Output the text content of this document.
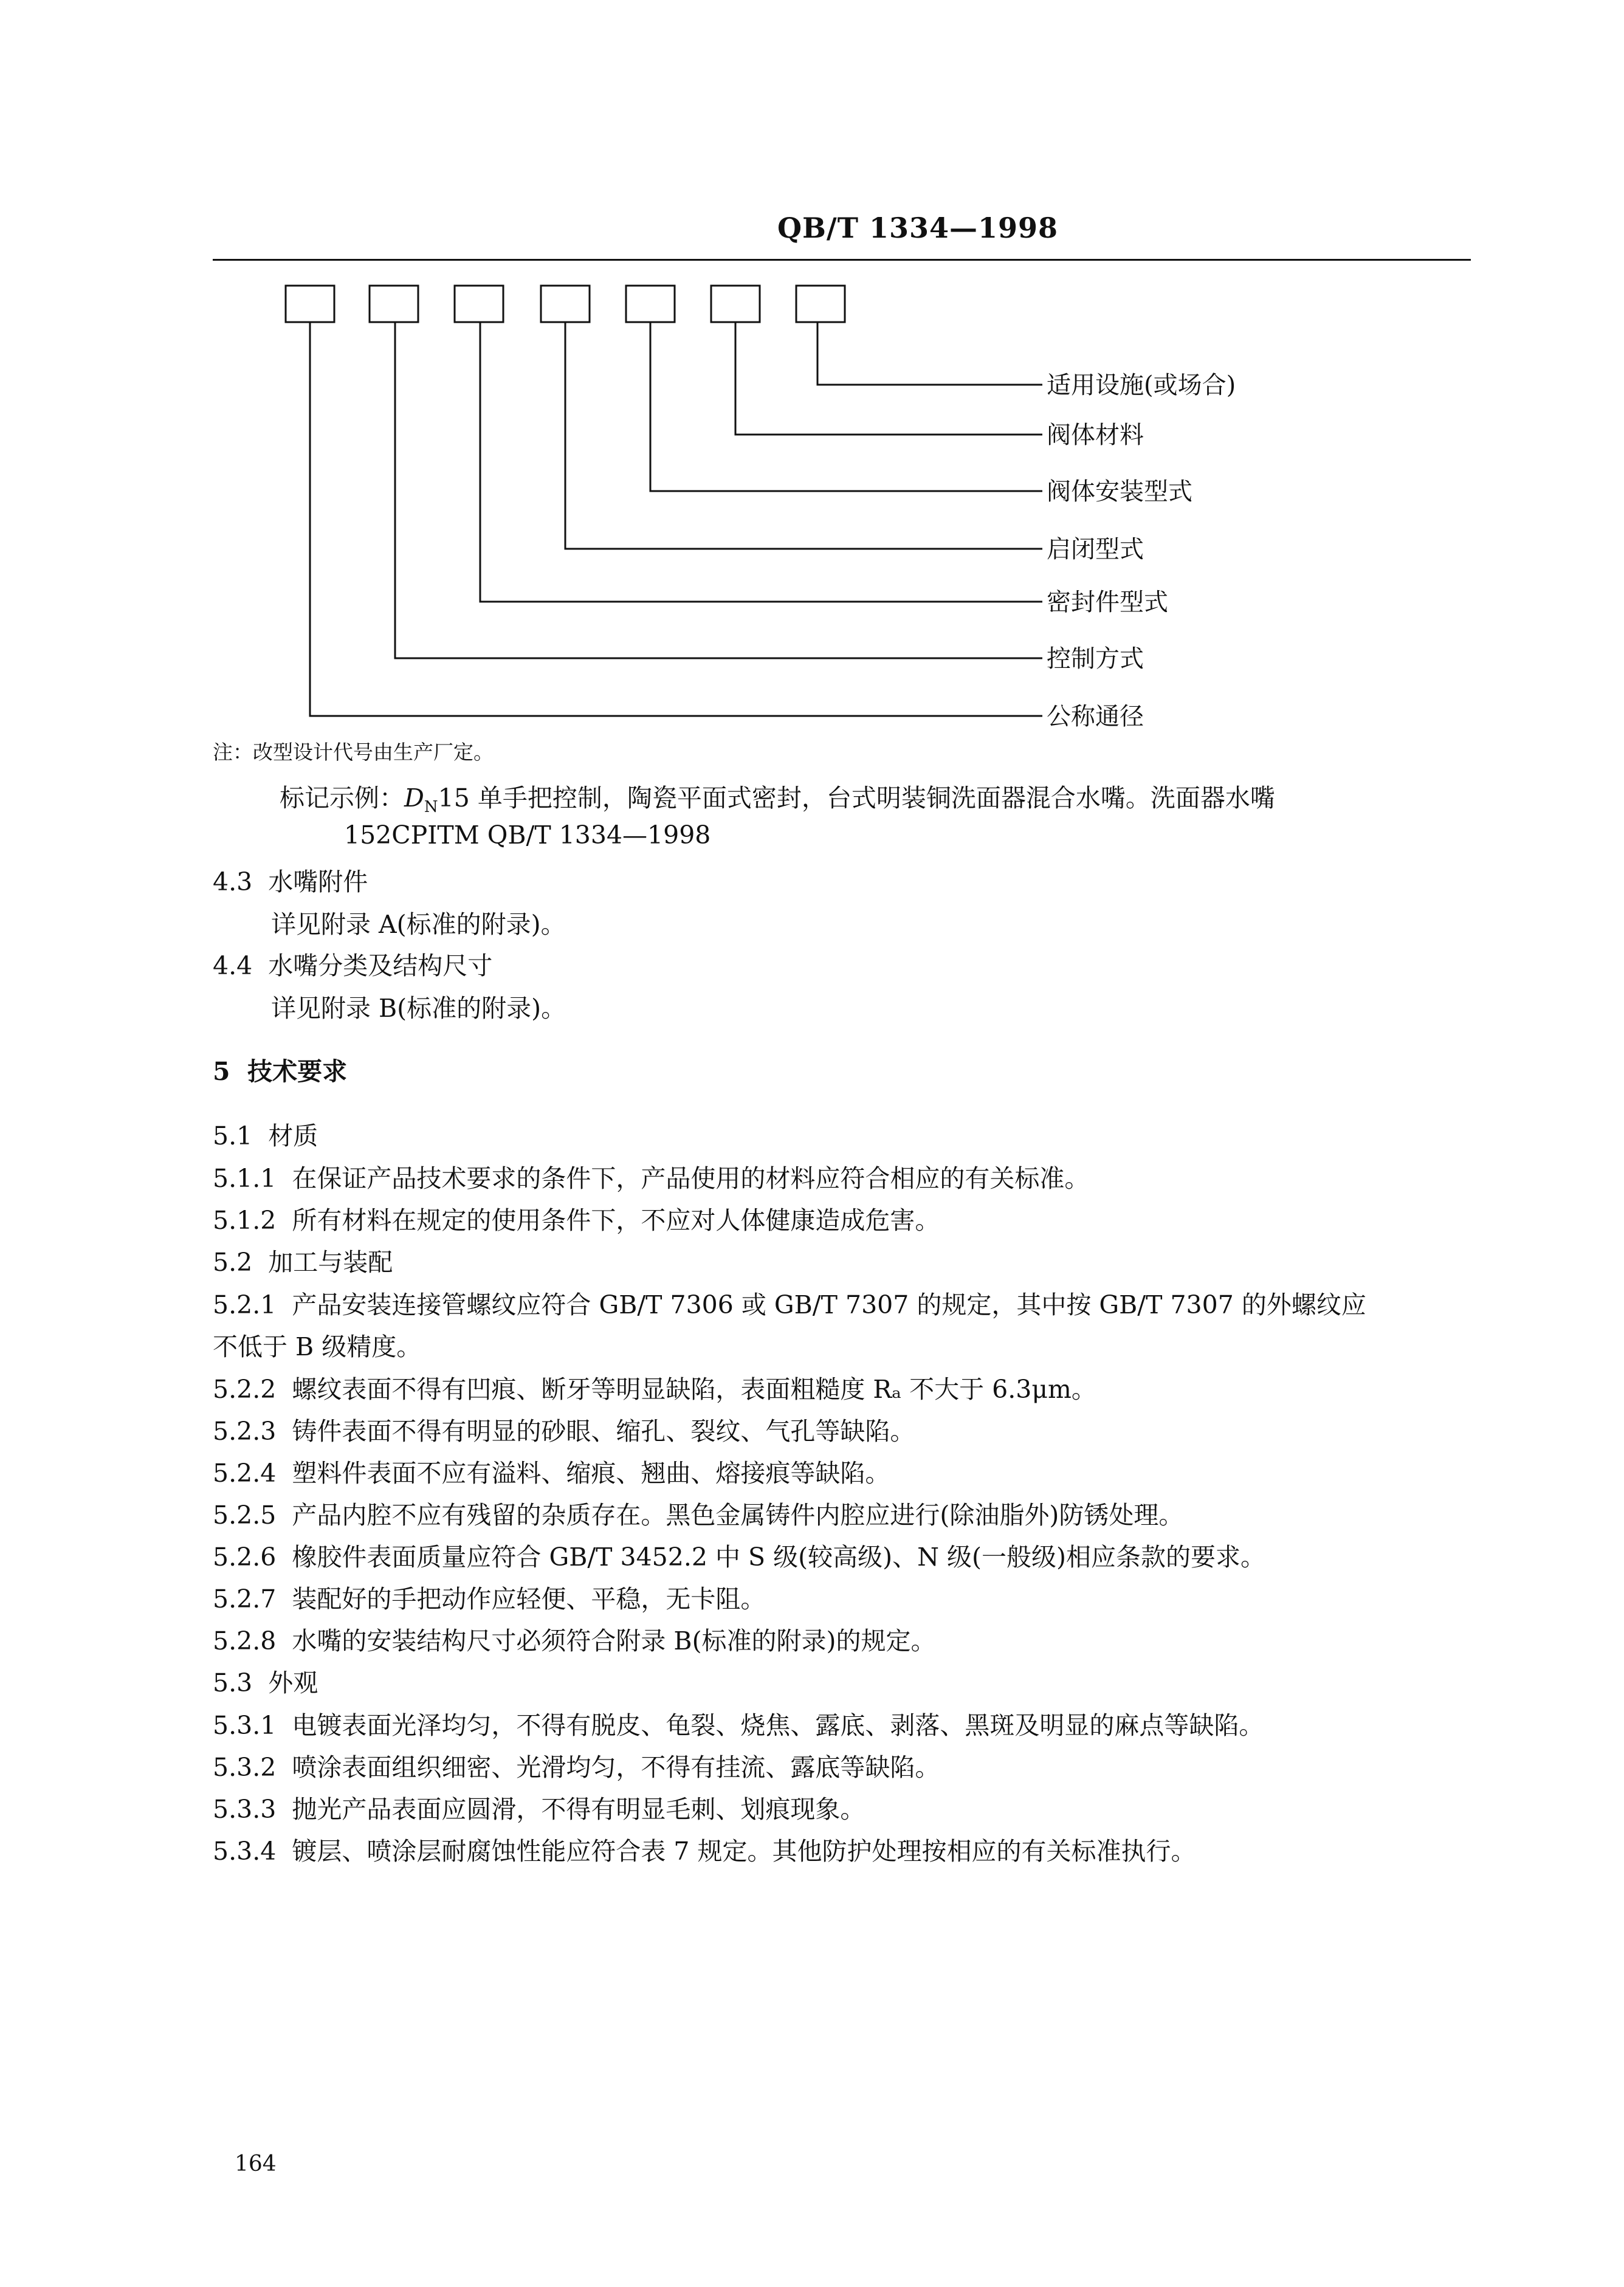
QB/T 1334—1998
适用设施(或场合)
阀体材料
阀体安装型式
启闭型式
密封件型式
控制方式
公称通径
注：改型设计代号由生产厂定。
标记示例：$D_N15$ 单手把控制，陶瓷平面式密封，台式明装铜洗面器混合水嘴。洗面器水嘴
152CPITM QB/T 1334—1998
4.3 水嘴附件
详见附录 A(标准的附录)。
4.4 水嘴分类及结构尺寸
详见附录 B(标准的附录)。
5 技术要求
5.1 材质
5.1.1 在保证产品技术要求的条件下，产品使用的材料应符合相应的有关标准。
5.1.2 所有材料在规定的使用条件下，不应对人体健康造成危害。
5.2 加工与装配
5.2.1 产品安装连接管螺纹应符合 GB/T 7306 或 GB/T 7307 的规定，其中按 GB/T 7307 的外螺纹应
不低于 B 级精度。
5.2.2 螺纹表面不得有凹痕、断牙等明显缺陷，表面粗糙度 Rₐ 不大于 6.3μm。
5.2.3 铸件表面不得有明显的砂眼、缩孔、裂纹、气孔等缺陷。
5.2.4 塑料件表面不应有溢料、缩痕、翘曲、熔接痕等缺陷。
5.2.5 产品内腔不应有残留的杂质存在。黑色金属铸件内腔应进行(除油脂外)防锈处理。
5.2.6 橡胶件表面质量应符合 GB/T 3452.2 中 S 级(较高级)、N 级(一般级)相应条款的要求。
5.2.7 装配好的手把动作应轻便、平稳，无卡阻。
5.2.8 水嘴的安装结构尺寸必须符合附录 B(标准的附录)的规定。
5.3 外观
5.3.1 电镀表面光泽均匀，不得有脱皮、龟裂、烧焦、露底、剥落、黑斑及明显的麻点等缺陷。
5.3.2 喷涂表面组织细密、光滑均匀，不得有挂流、露底等缺陷。
5.3.3 抛光产品表面应圆滑，不得有明显毛刺、划痕现象。
5.3.4 镀层、喷涂层耐腐蚀性能应符合表 7 规定。其他防护处理按相应的有关标准执行。
164
